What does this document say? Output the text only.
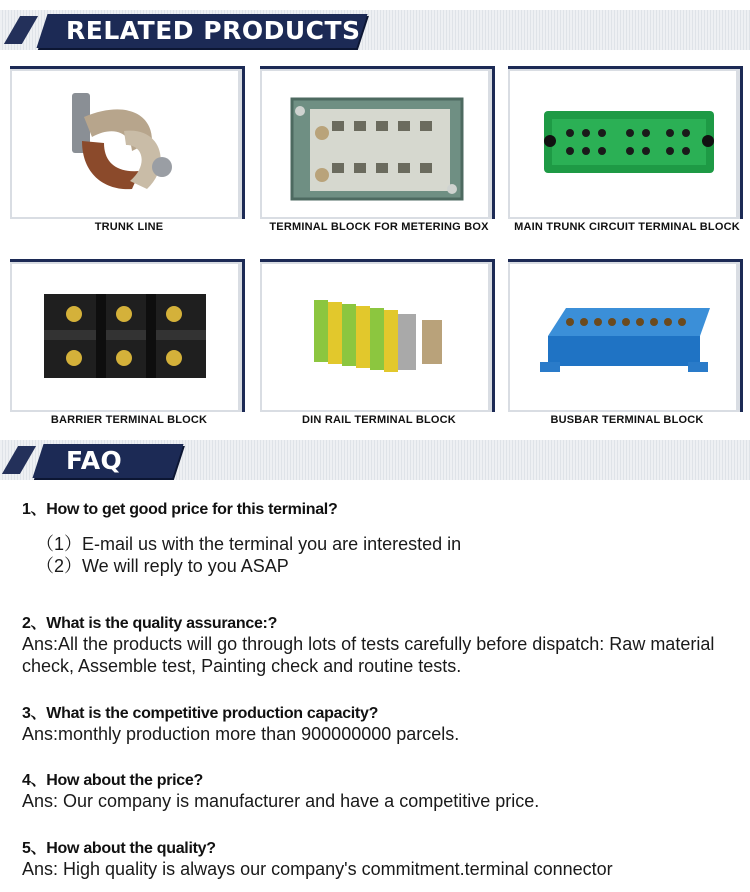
RELATED PRODUCTS
TRUNK LINE	TERMINAL BLOCK FOR METERING BOX	MAIN TRUNK CIRCUIT TERMINAL BLOCK
BARRIER TERMINAL BLOCK	DIN RAIL TERMINAL BLOCK	BUSBAR TERMINAL BLOCK
FAQ
1、How to get good price for this terminal?
（1）E-mail us with the terminal you are interested in
（2）We will reply to you ASAP
2、What is the quality assurance:?
Ans:All the products will go through lots of tests carefully before dispatch: Raw material check, Assemble test, Painting check and routine tests.
3、What is the competitive production capacity?
Ans:monthly production more than 900000000 parcels.
4、How about the price?
Ans: Our company is manufacturer and have a competitive price.
5、How about the quality?
Ans: High quality is always our company's commitment.terminal connector
